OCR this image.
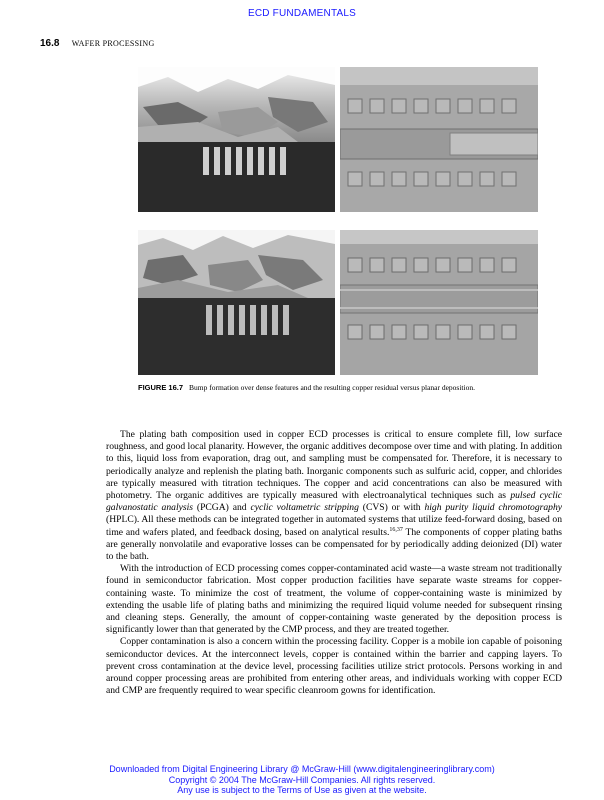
ECD FUNDAMENTALS
16.8 WAFER PROCESSING
FIGURE 16.7 Bump formation over dense features and the resulting copper residual versus planar deposition.

The plating bath composition used in copper ECD processes is critical to ensure complete fill, low surface roughness, and good local planarity. However, the organic additives decompose over time and with plating. In addition to this, liquid loss from evaporation, drag out, and sampling must be compensated for. Therefore, it is necessary to periodically analyze and replenish the plating bath. Inorganic components such as sulfuric acid, copper, and chlorides are typically measured with titration techniques. The copper and acid concentrations can also be measured with photometry. The organic additives are typically measured with electroanalytical techniques such as pulsed cyclic galvanostatic analysis (PCGA) and cyclic voltametric stripping (CVS) or with high purity liquid chromotography (HPLC). All these methods can be integrated together in automated systems that utilize feed-forward dosing, based on time and wafers plated, and feedback dosing, based on analytical results.$^{16,37}$ The components of copper plating baths are generally nonvolatile and evaporative losses can be compensated for by periodically adding deionized (DI) water to the bath.

With the introduction of ECD processing comes copper-contaminated acid waste—a waste stream not traditionally found in semiconductor fabrication. Most copper production facilities have separate waste streams for copper-containing waste. To minimize the cost of treatment, the volume of copper-containing waste is minimized by extending the usable life of plating baths and minimizing the required liquid volume needed for subsequent rinsing and cleaning steps. Generally, the amount of copper-containing waste generated by the deposition process is significantly lower than that generated by the CMP process, and they are treated together.

Copper contamination is also a concern within the processing facility. Copper is a mobile ion capable of poisoning semiconductor devices. At the interconnect levels, copper is contained within the barrier and capping layers. To prevent cross contamination at the device level, processing facilities utilize strict protocols. Persons working in and around copper processing areas are prohibited from entering other areas, and individuals working with copper ECD and CMP are frequently required to wear specific cleanroom gowns for identification.

Downloaded from Digital Engineering Library @ McGraw-Hill (www.digitalengineeringlibrary.com)
Copyright © 2004 The McGraw-Hill Companies. All rights reserved.
Any use is subject to the Terms of Use as given at the website.
